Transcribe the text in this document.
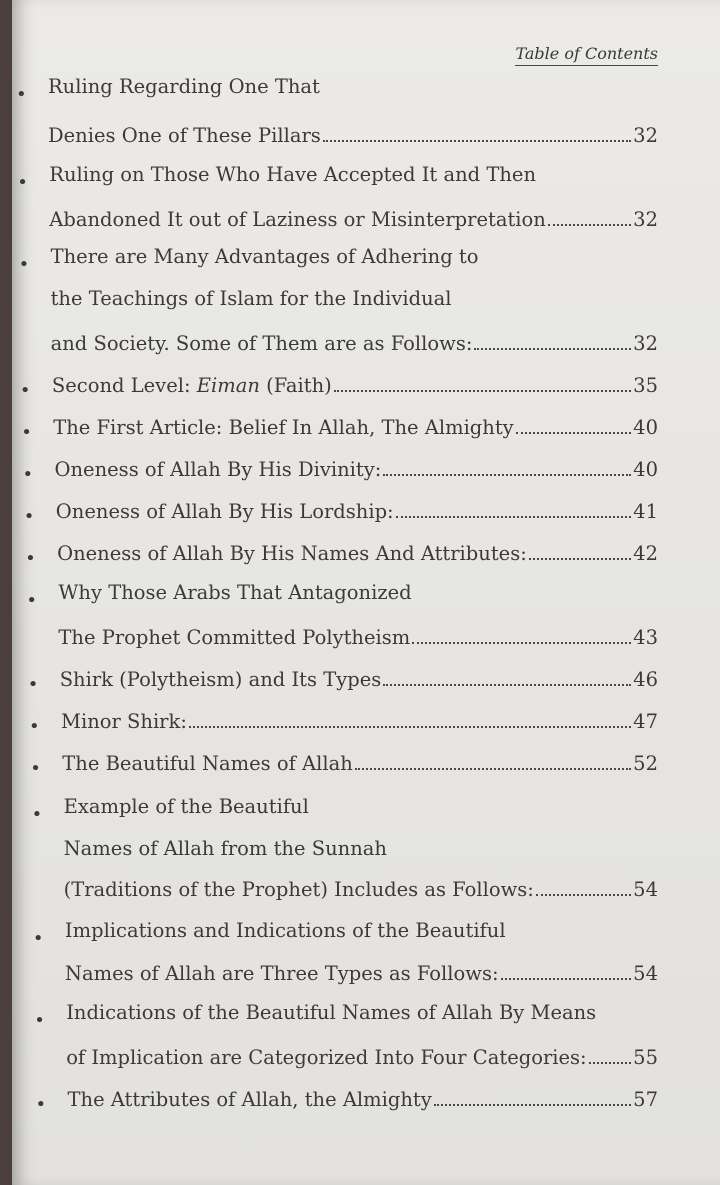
Table of Contents
• Ruling Regarding One That
Denies One of These Pillars	32
• Ruling on Those Who Have Accepted It and Then
Abandoned It out of Laziness or Misinterpretation	32
• There are Many Advantages of Adhering to
the Teachings of Islam for the Individual
and Society. Some of Them are as Follows:	32
• Second Level: Eiman (Faith)	35
• The First Article: Belief In Allah, The Almighty	40
• Oneness of Allah By His Divinity:	40
• Oneness of Allah By His Lordship:	41
• Oneness of Allah By His Names And Attributes:	42
• Why Those Arabs That Antagonized
The Prophet Committed Polytheism	43
• Shirk (Polytheism) and Its Types	46
• Minor Shirk:	47
• The Beautiful Names of Allah	52
• Example of the Beautiful
Names of Allah from the Sunnah
(Traditions of the Prophet) Includes as Follows:	54
• Implications and Indications of the Beautiful
Names of Allah are Three Types as Follows:	54
• Indications of the Beautiful Names of Allah By Means
of Implication are Categorized Into Four Categories: 55
• The Attributes of Allah, the Almighty	57
